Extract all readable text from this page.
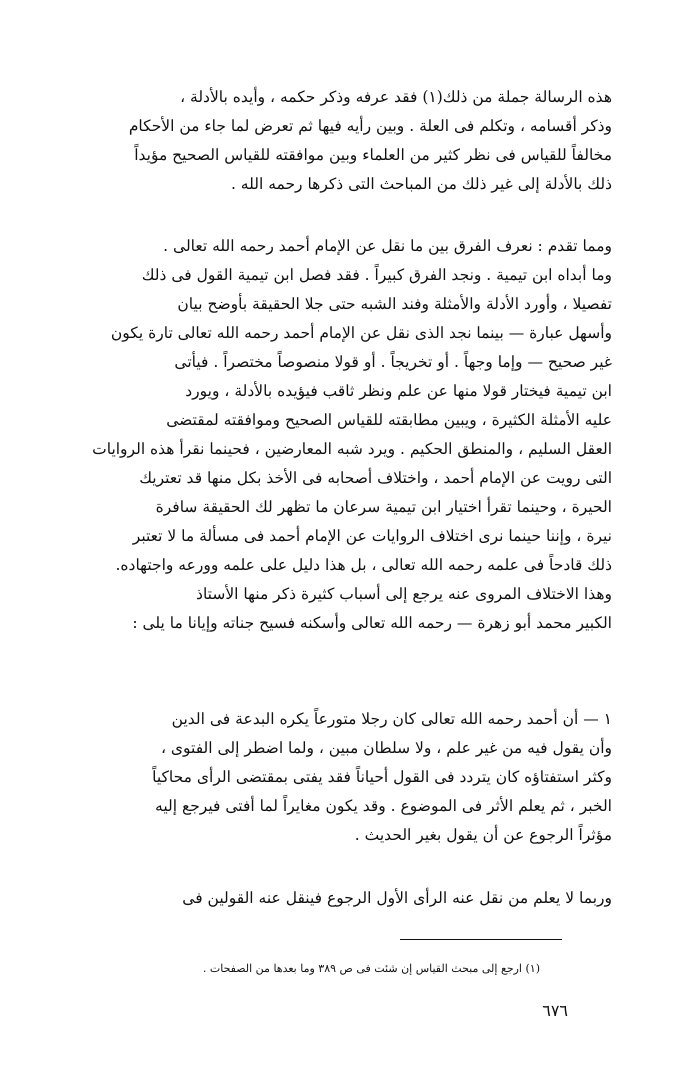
هذه الرسالة جملة من ذلك(١) فقد عرفه وذكر حكمه ، وأيده بالأدلة ،
وذكر أقسامه ، وتكلم فى العلة . وبين رأيه فيها ثم تعرض لما جاء من الأحكام
مخالفاً للقياس فى نظر كثير من العلماء وبين موافقته للقياس الصحيح مؤيداً
ذلك بالأدلة إلى غير ذلك من المباحث التى ذكرها رحمه الله .
ومما تقدم : نعرف الفرق بين ما نقل عن الإمام أحمد رحمه الله تعالى .
وما أبداه ابن تيمية . ونجد الفرق كبيراً . فقد فصل ابن تيمية القول فى ذلك
تفصيلا ، وأورد الأدلة والأمثلة وفند الشبه حتى جلا الحقيقة بأوضح بيان
وأسهل عبارة — بينما نجد الذى نقل عن الإمام أحمد رحمه الله تعالى تارة يكون
غير صحيح — وإما وجهاً . أو تخريجاً . أو قولا منصوصاً مختصراً . فيأتى
ابن تيمية فيختار قولا منها عن علم ونظر ثاقب فيؤيده بالأدلة ، ويورد
عليه الأمثلة الكثيرة ، ويبين مطابقته للقياس الصحيح وموافقته لمقتضى
العقل السليم ، والمنطق الحكيم . ويرد شبه المعارضين ، فحينما نقرأ هذه الروايات
التى رويت عن الإمام أحمد ، واختلاف أصحابه فى الأخذ بكل منها قد تعتريك
الحيرة ، وحينما تقرأ اختيار ابن تيمية سرعان ما تظهر لك الحقيقة سافرة
نيرة ، وإننا حينما نرى اختلاف الروايات عن الإمام أحمد فى مسألة ما لا تعتبر
ذلك قادحاً فى علمه رحمه الله تعالى ، بل هذا دليل على علمه وورعه واجتهاده.
وهذا الاختلاف المروى عنه يرجع إلى أسباب كثيرة ذكر منها الأستاذ
الكبير محمد أبو زهرة — رحمه الله تعالى وأسكنه فسيح جناته وإيانا ما يلى :
١ — أن أحمد رحمه الله تعالى كان رجلا متورعاً يكره البدعة فى الدين
وأن يقول فيه من غير علم ، ولا سلطان مبين ، ولما اضطر إلى الفتوى ،
وكثر استفتاؤه كان يتردد فى القول أحياناً فقد يفتى بمقتضى الرأى محاكياً
الخبر ، ثم يعلم الأثر فى الموضوع . وقد يكون مغايراً لما أفتى فيرجع إليه
مؤثراً الرجوع عن أن يقول بغير الحديث .
وربما لا يعلم من نقل عنه الرأى الأول الرجوع فينقل عنه القولين فى

(١) ارجع إلى مبحث القياس إن شئت فى ص ٣٨٩ وما بعدها من الصفحات .

٦٧٦
